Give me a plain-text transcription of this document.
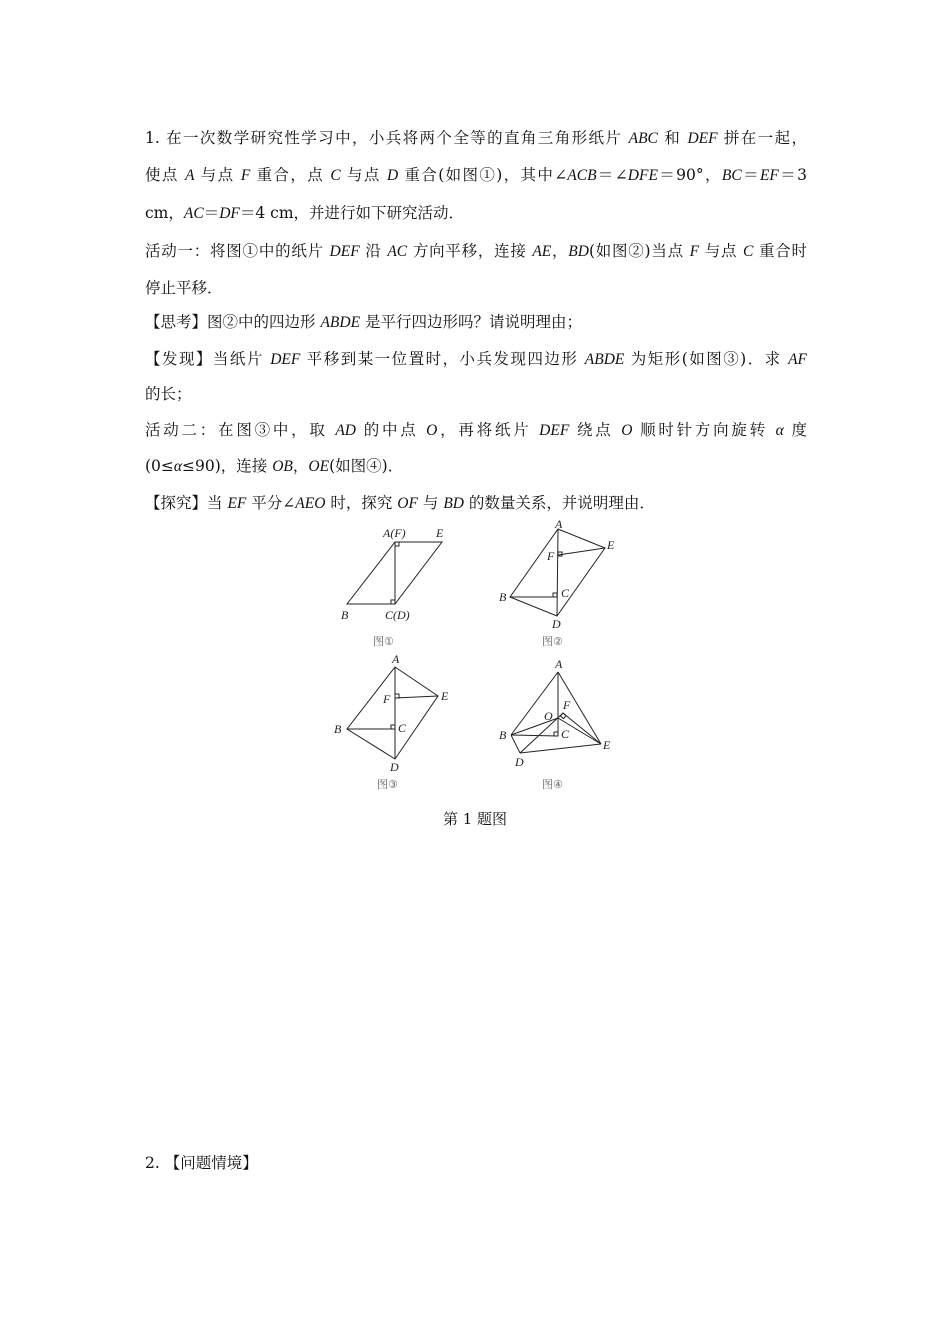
1. 在一次数学研究性学习中，小兵将两个全等的直角三角形纸片 ABC 和 DEF 拼在一起，
使点 A 与点 F 重合，点 C 与点 D 重合(如图①)，其中∠ACB＝∠DFE＝90°，BC＝EF＝3
cm，AC＝DF＝4 cm，并进行如下研究活动．
活动一：将图①中的纸片 DEF 沿 AC 方向平移，连接 AE，BD(如图②)当点 F 与点 C 重合时
停止平移．
【思考】图②中的四边形 ABDE 是平行四边形吗？请说明理由；
【发现】当纸片 DEF 平移到某一位置时，小兵发现四边形 ABDE 为矩形(如图③)．求 AF
的长；
活动二：在图③中，取 AD 的中点 O，再将纸片 DEF 绕点 O 顺时针方向旋转 α 度
(0≤α≤90)，连接 OB，OE(如图④)．
【探究】当 EF 平分∠AEO 时，探究 OF 与 BD 的数量关系，并说明理由．
A(F)	E
B	C(D)
图①
A
F
E
B	C
D
图②
A
F	E
B	C
D
图③
A
O
F
B	C
E
D
图④
第 1 题图
2. 【问题情境】
